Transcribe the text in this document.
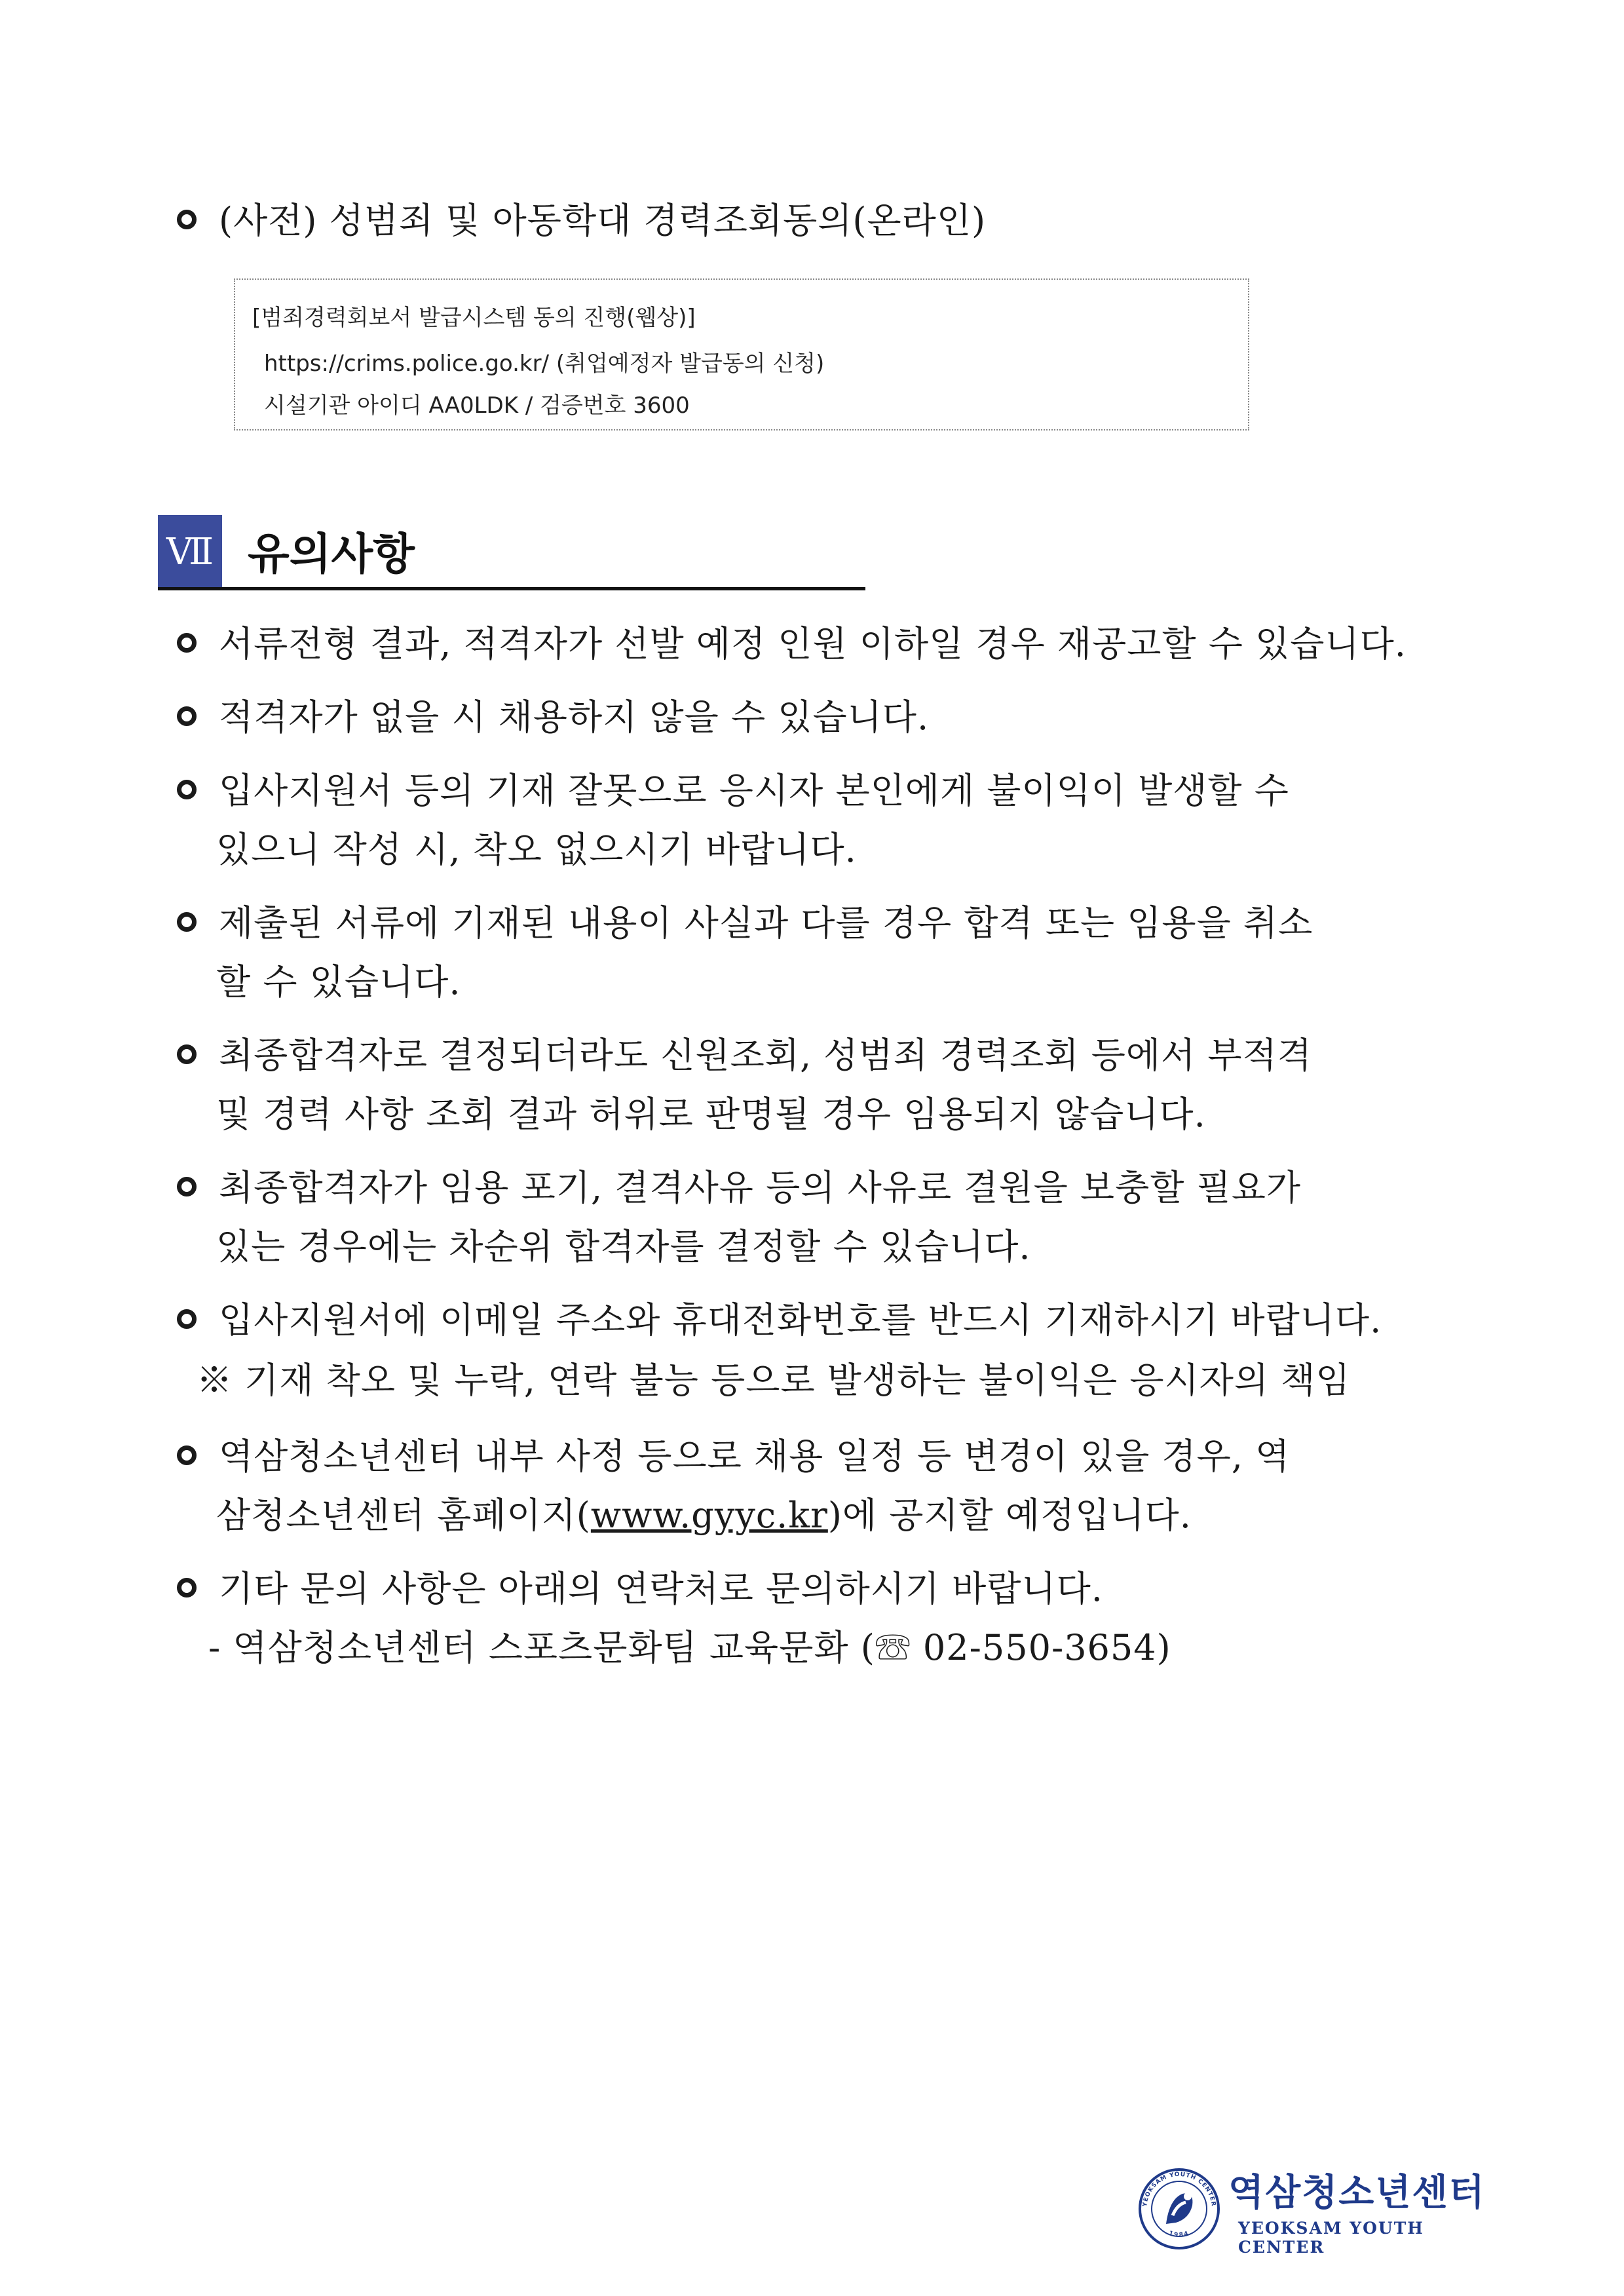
(사전) 성범죄 및 아동학대 경력조회동의(온라인)
[범죄경력회보서 발급시스템 동의 진행(웹상)]
https://crims.police.go.kr/ (취업예정자 발급동의 신청)
시설기관 아이디 AA0LDK / 검증번호 3600
Ⅶ 유의사항
서류전형 결과, 적격자가 선발 예정 인원 이하일 경우 재공고할 수 있습니다.
적격자가 없을 시 채용하지 않을 수 있습니다.
입사지원서 등의 기재 잘못으로 응시자 본인에게 불이익이 발생할 수
있으니 작성 시, 착오 없으시기 바랍니다.
제출된 서류에 기재된 내용이 사실과 다를 경우 합격 또는 임용을 취소
할 수 있습니다.
최종합격자로 결정되더라도 신원조회, 성범죄 경력조회 등에서 부적격
및 경력 사항 조회 결과 허위로 판명될 경우 임용되지 않습니다.
최종합격자가 임용 포기, 결격사유 등의 사유로 결원을 보충할 필요가
있는 경우에는 차순위 합격자를 결정할 수 있습니다.
입사지원서에 이메일 주소와 휴대전화번호를 반드시 기재하시기 바랍니다.
※ 기재 착오 및 누락, 연락 불능 등으로 발생하는 불이익은 응시자의 책임
역삼청소년센터 내부 사정 등으로 채용 일정 등 변경이 있을 경우, 역
삼청소년센터 홈페이지(www.gyyc.kr)에 공지할 예정입니다.
기타 문의 사항은 아래의 연락처로 문의하시기 바랍니다.
- 역삼청소년센터 스포츠문화팀 교육문화 (☏ 02-550-3654)
YEOKSAM YOUTH CENTER
1984
역삼청소년센터
YEOKSAM YOUTH CENTER
